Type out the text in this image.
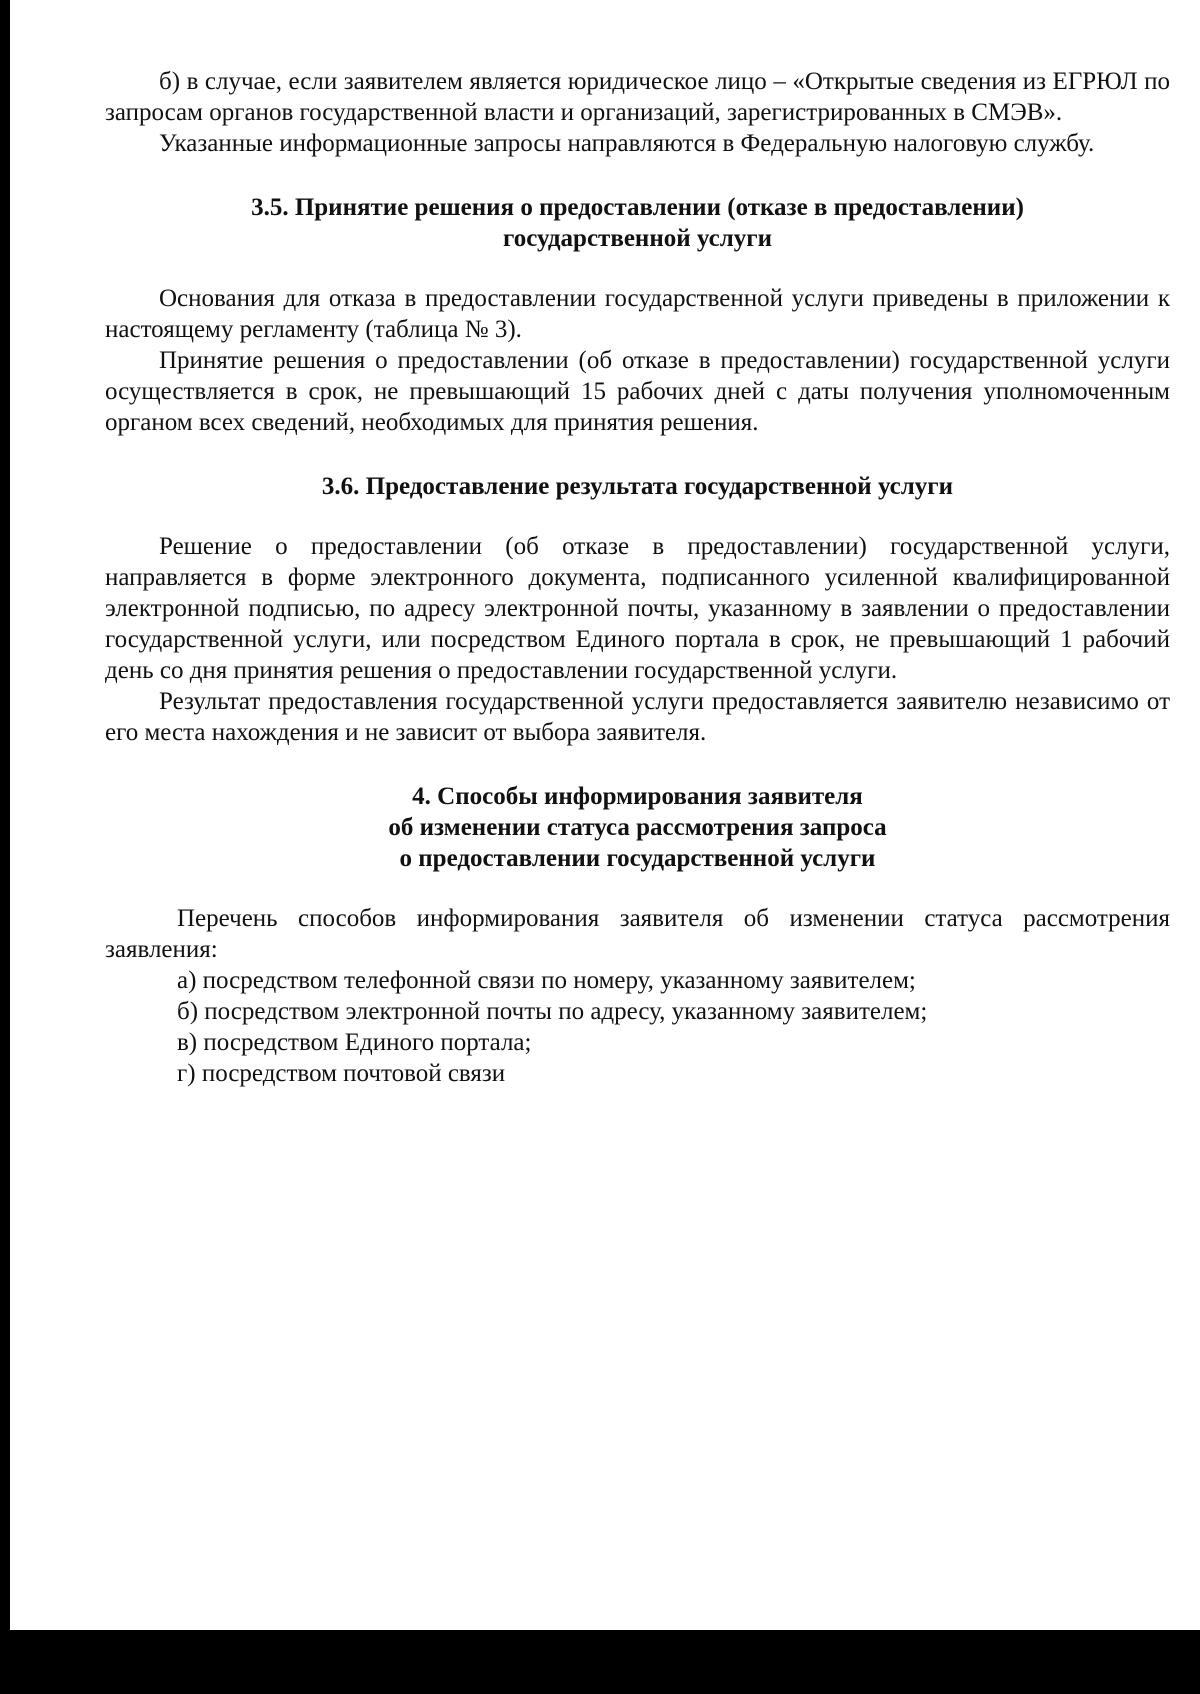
б) в случае, если заявителем является юридическое лицо – «Открытые сведения из ЕГРЮЛ по запросам органов государственной власти и организаций, зарегистрированных в СМЭВ».

Указанные информационные запросы направляются в Федеральную налоговую службу.

3.5. Принятие решения о предоставлении (отказе в предоставлении)
государственной услуги

Основания для отказа в предоставлении государственной услуги приведены в приложении к настоящему регламенту (таблица № 3).

Принятие решения о предоставлении (об отказе в предоставлении) государственной услуги осуществляется в срок, не превышающий 15 рабочих дней с даты получения уполномоченным органом всех сведений, необходимых для принятия решения.

3.6. Предоставление результата государственной услуги

Решение о предоставлении (об отказе в предоставлении) государственной услуги, направляется в форме электронного документа, подписанного усиленной квалифицированной электронной подписью, по адресу электронной почты, указанному в заявлении о предоставлении государственной услуги, или посредством Единого портала в срок, не превышающий 1 рабочий день со дня принятия решения о предоставлении государственной услуги.

Результат предоставления государственной услуги предоставляется заявителю независимо от его места нахождения и не зависит от выбора заявителя.

4. Способы информирования заявителя
об изменении статуса рассмотрения запроса
о предоставлении государственной услуги

Перечень способов информирования заявителя об изменении статуса рассмотрения заявления:

а) посредством телефонной связи по номеру, указанному заявителем;
б) посредством электронной почты по адресу, указанному заявителем;
в) посредством Единого портала;
г) посредством почтовой связи
